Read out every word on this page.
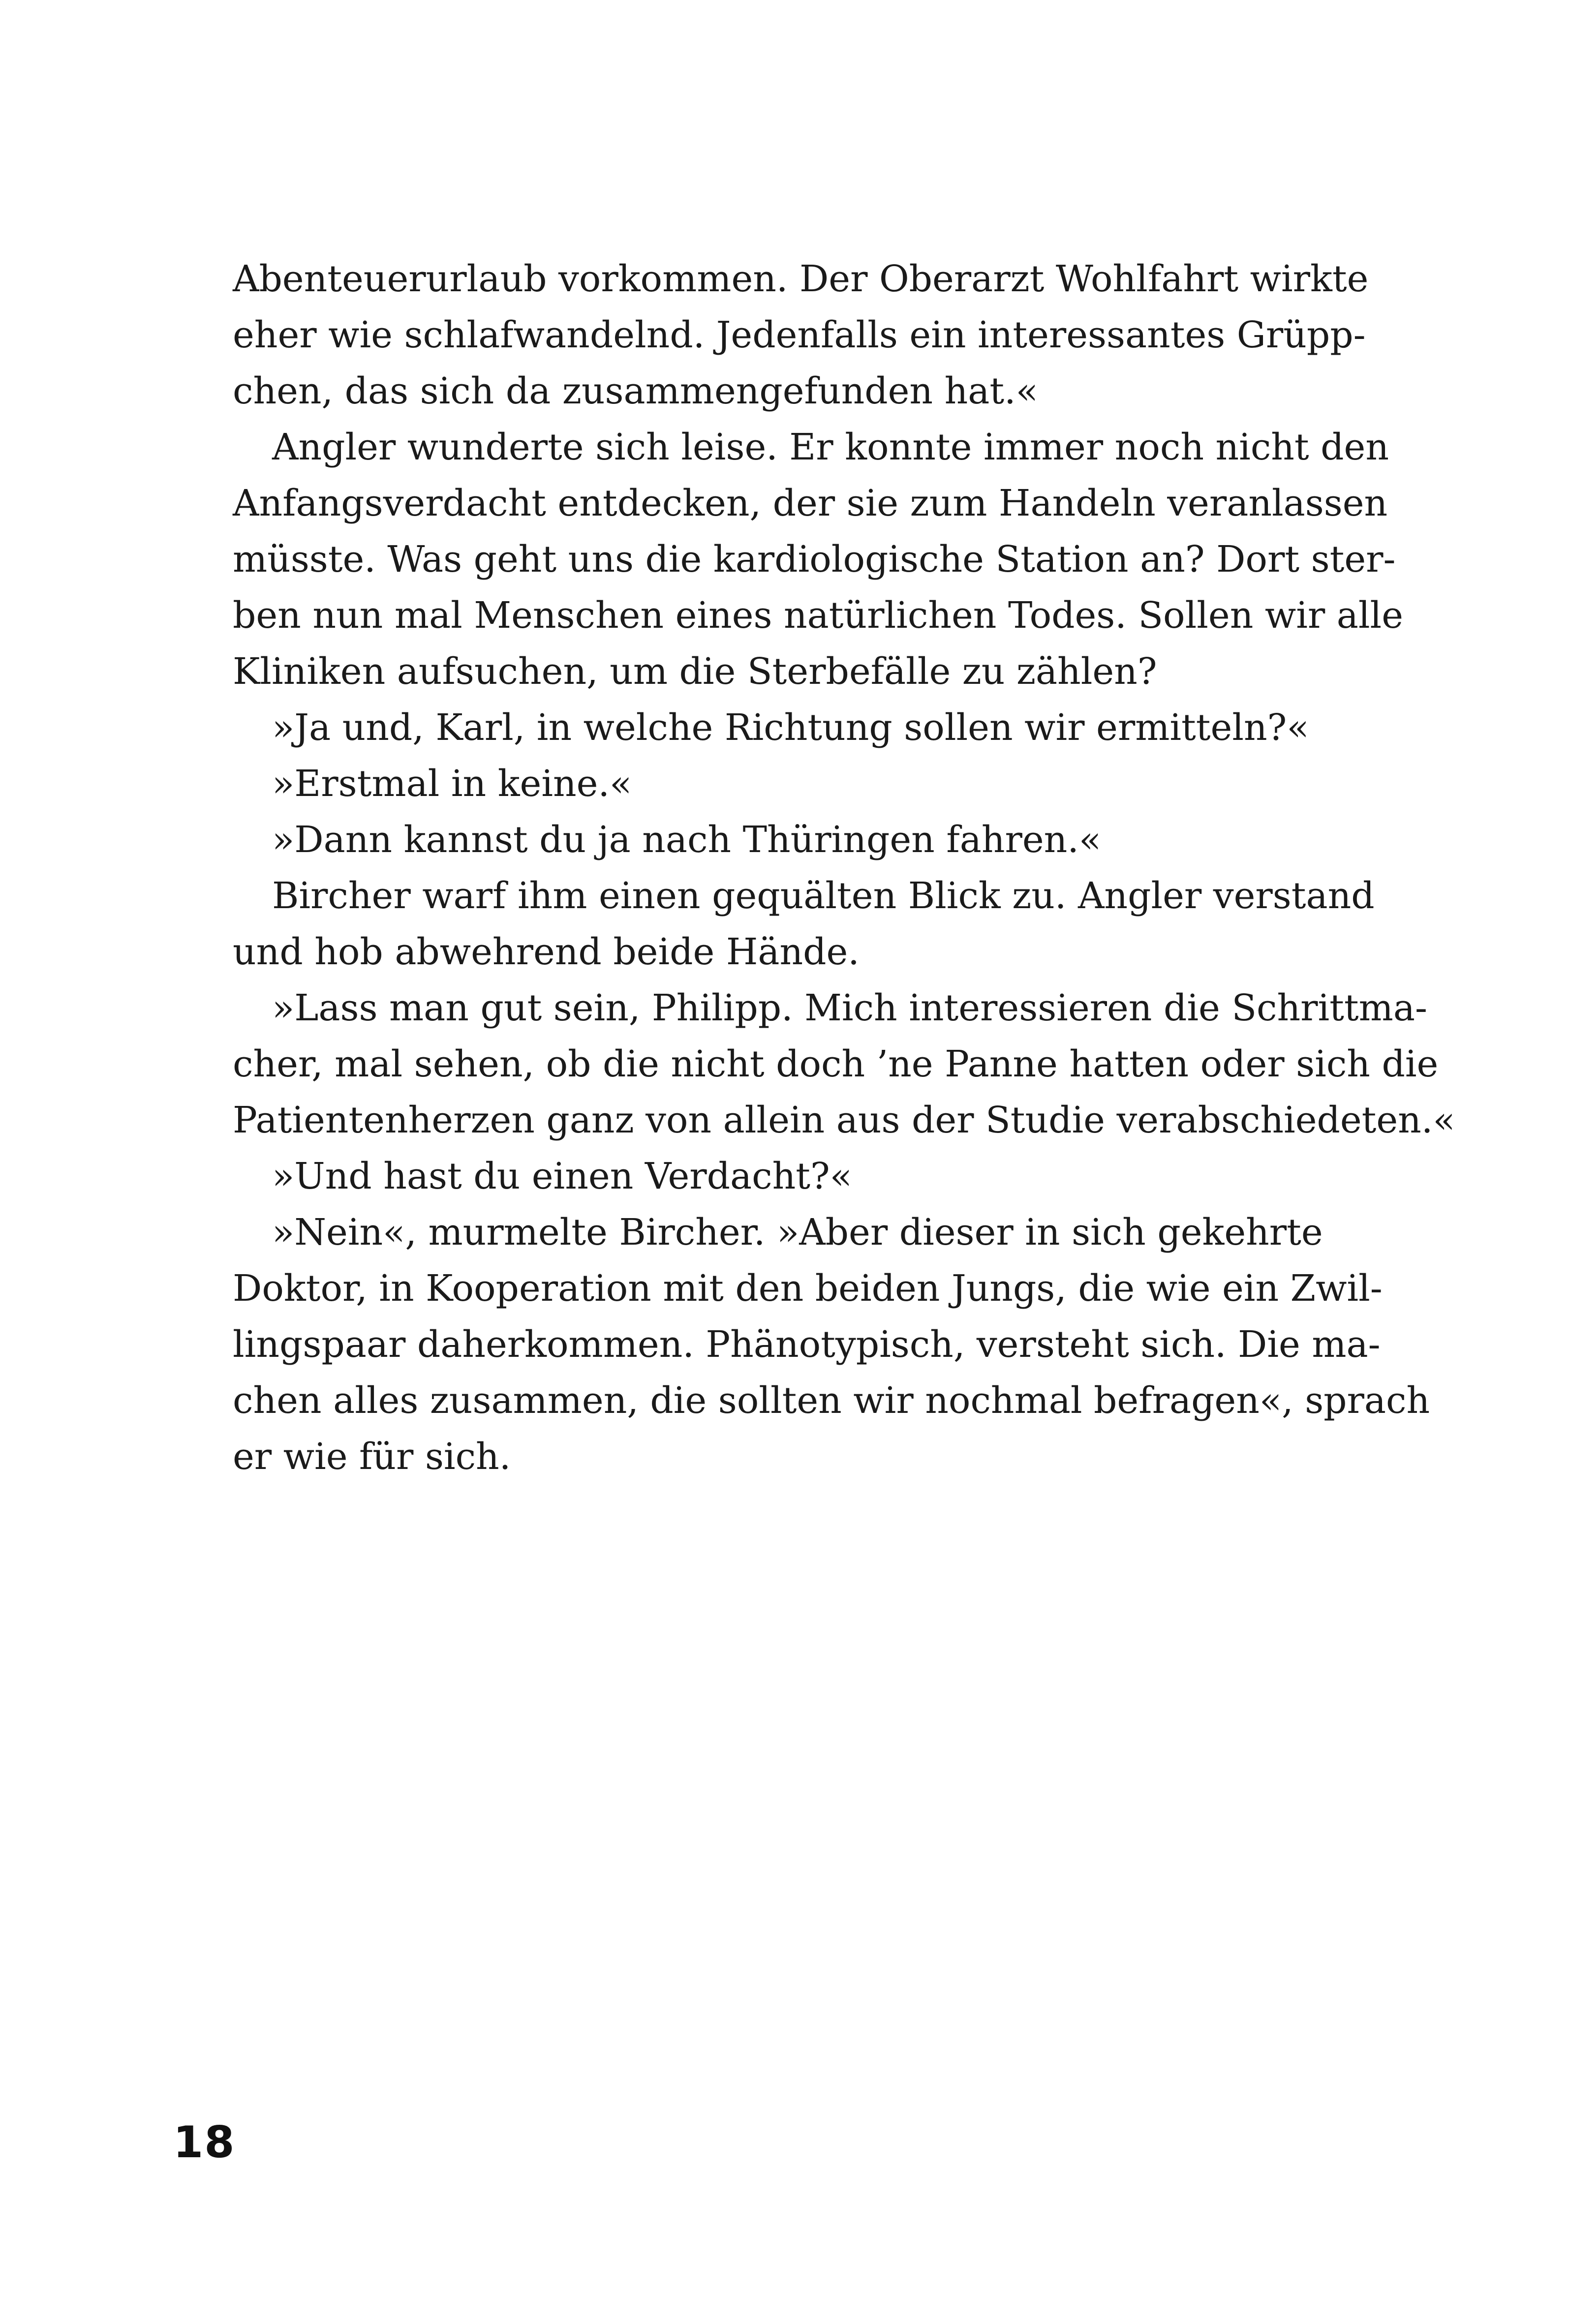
Abenteuerurlaub vorkommen. Der Oberarzt Wohlfahrt wirkte
eher wie schlafwandelnd. Jedenfalls ein interessantes Grüpp-
chen, das sich da zusammengefunden hat.«
Angler wunderte sich leise. Er konnte immer noch nicht den
Anfangsverdacht entdecken, der sie zum Handeln veranlassen
müsste. Was geht uns die kardiologische Station an? Dort ster-
ben nun mal Menschen eines natürlichen Todes. Sollen wir alle
Kliniken aufsuchen, um die Sterbefälle zu zählen?
»Ja und, Karl, in welche Richtung sollen wir ermitteln?«
»Erstmal in keine.«
»Dann kannst du ja nach Thüringen fahren.«
Bircher warf ihm einen gequälten Blick zu. Angler verstand
und hob abwehrend beide Hände.
»Lass man gut sein, Philipp. Mich interessieren die Schrittma-
cher, mal sehen, ob die nicht doch ’ne Panne hatten oder sich die
Patientenherzen ganz von allein aus der Studie verabschiedeten.«
»Und hast du einen Verdacht?«
»Nein«, murmelte Bircher. »Aber dieser in sich gekehrte
Doktor, in Kooperation mit den beiden Jungs, die wie ein Zwil-
lingspaar daherkommen. Phänotypisch, versteht sich. Die ma-
chen alles zusammen, die sollten wir nochmal befragen«, sprach
er wie für sich.
18
